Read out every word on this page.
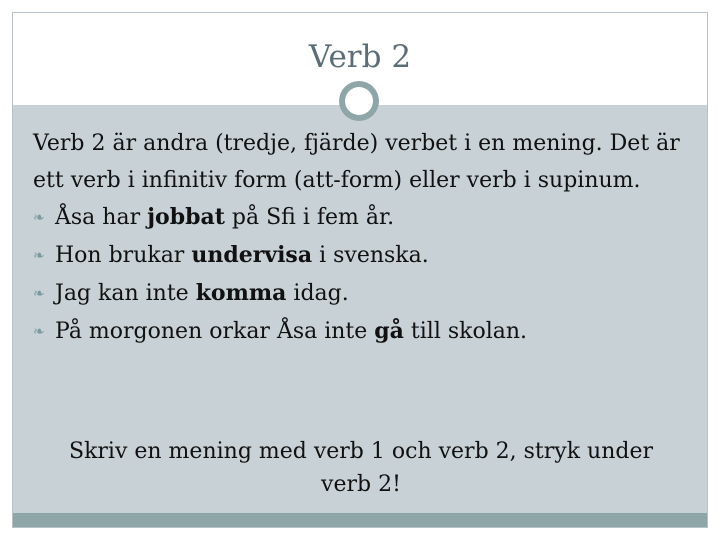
Verb 2

Verb 2 är andra (tredje, fjärde) verbet i en mening. Det är ett verb i infinitiv form (att-form) eller verb i supinum.

❧ Åsa har jobbat på Sfi i fem år.
❧ Hon brukar undervisa i svenska.
❧ Jag kan inte komma idag.
❧ På morgonen orkar Åsa inte gå till skolan.
Skriv en mening med verb 1 och verb 2, stryk under verb 2!
